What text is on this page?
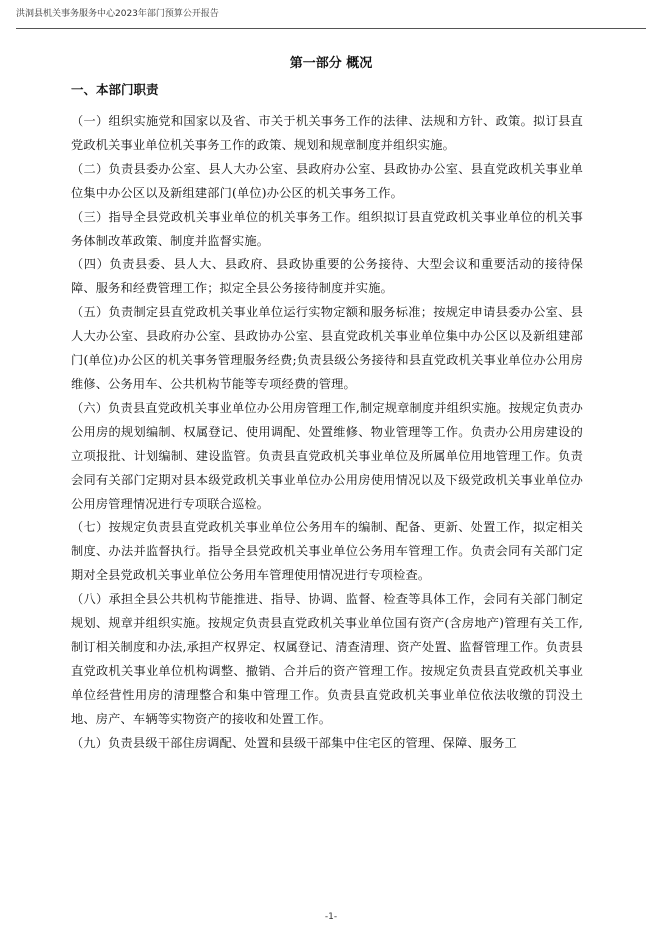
洪洞县机关事务服务中心2023年部门预算公开报告
第一部分 概况
一、本部门职责

（一）组织实施党和国家以及省、市关于机关事务工作的法律、法规和方针、政策。拟订县直党政机关事业单位机关事务工作的政策、规划和规章制度并组织实施。

（二）负责县委办公室、县人大办公室、县政府办公室、县政协办公室、县直党政机关事业单位集中办公区以及新组建部门(单位)办公区的机关事务工作。

（三）指导全县党政机关事业单位的机关事务工作。组织拟订县直党政机关事业单位的机关事务体制改革政策、制度并监督实施。

（四）负责县委、县人大、县政府、县政协重要的公务接待、大型会议和重要活动的接待保障、服务和经费管理工作；拟定全县公务接待制度并实施。

（五）负责制定县直党政机关事业单位运行实物定额和服务标准；按规定申请县委办公室、县人大办公室、县政府办公室、县政协办公室、县直党政机关事业单位集中办公区以及新组建部门(单位)办公区的机关事务管理服务经费;负责县级公务接待和县直党政机关事业单位办公用房维修、公务用车、公共机构节能等专项经费的管理。

（六）负责县直党政机关事业单位办公用房管理工作,制定规章制度并组织实施。按规定负责办公用房的规划编制、权属登记、使用调配、处置维修、物业管理等工作。负责办公用房建设的立项报批、计划编制、建设监管。负责县直党政机关事业单位及所属单位用地管理工作。负责会同有关部门定期对县本级党政机关事业单位办公用房使用情况以及下级党政机关事业单位办公用房管理情况进行专项联合巡检。

（七）按规定负责县直党政机关事业单位公务用车的编制、配备、更新、处置工作，拟定相关制度、办法并监督执行。指导全县党政机关事业单位公务用车管理工作。负责会同有关部门定期对全县党政机关事业单位公务用车管理使用情况进行专项检查。

（八）承担全县公共机构节能推进、指导、协调、监督、检查等具体工作，会同有关部门制定规划、规章并组织实施。按规定负责县直党政机关事业单位国有资产(含房地产)管理有关工作,制订相关制度和办法,承担产权界定、权属登记、清查清理、资产处置、监督管理工作。负责县直党政机关事业单位机构调整、撤销、合并后的资产管理工作。按规定负责县直党政机关事业单位经营性用房的清理整合和集中管理工作。负责县直党政机关事业单位依法收缴的罚没土地、房产、车辆等实物资产的接收和处置工作。

（九）负责县级干部住房调配、处置和县级干部集中住宅区的管理、保障、服务工

-1-
